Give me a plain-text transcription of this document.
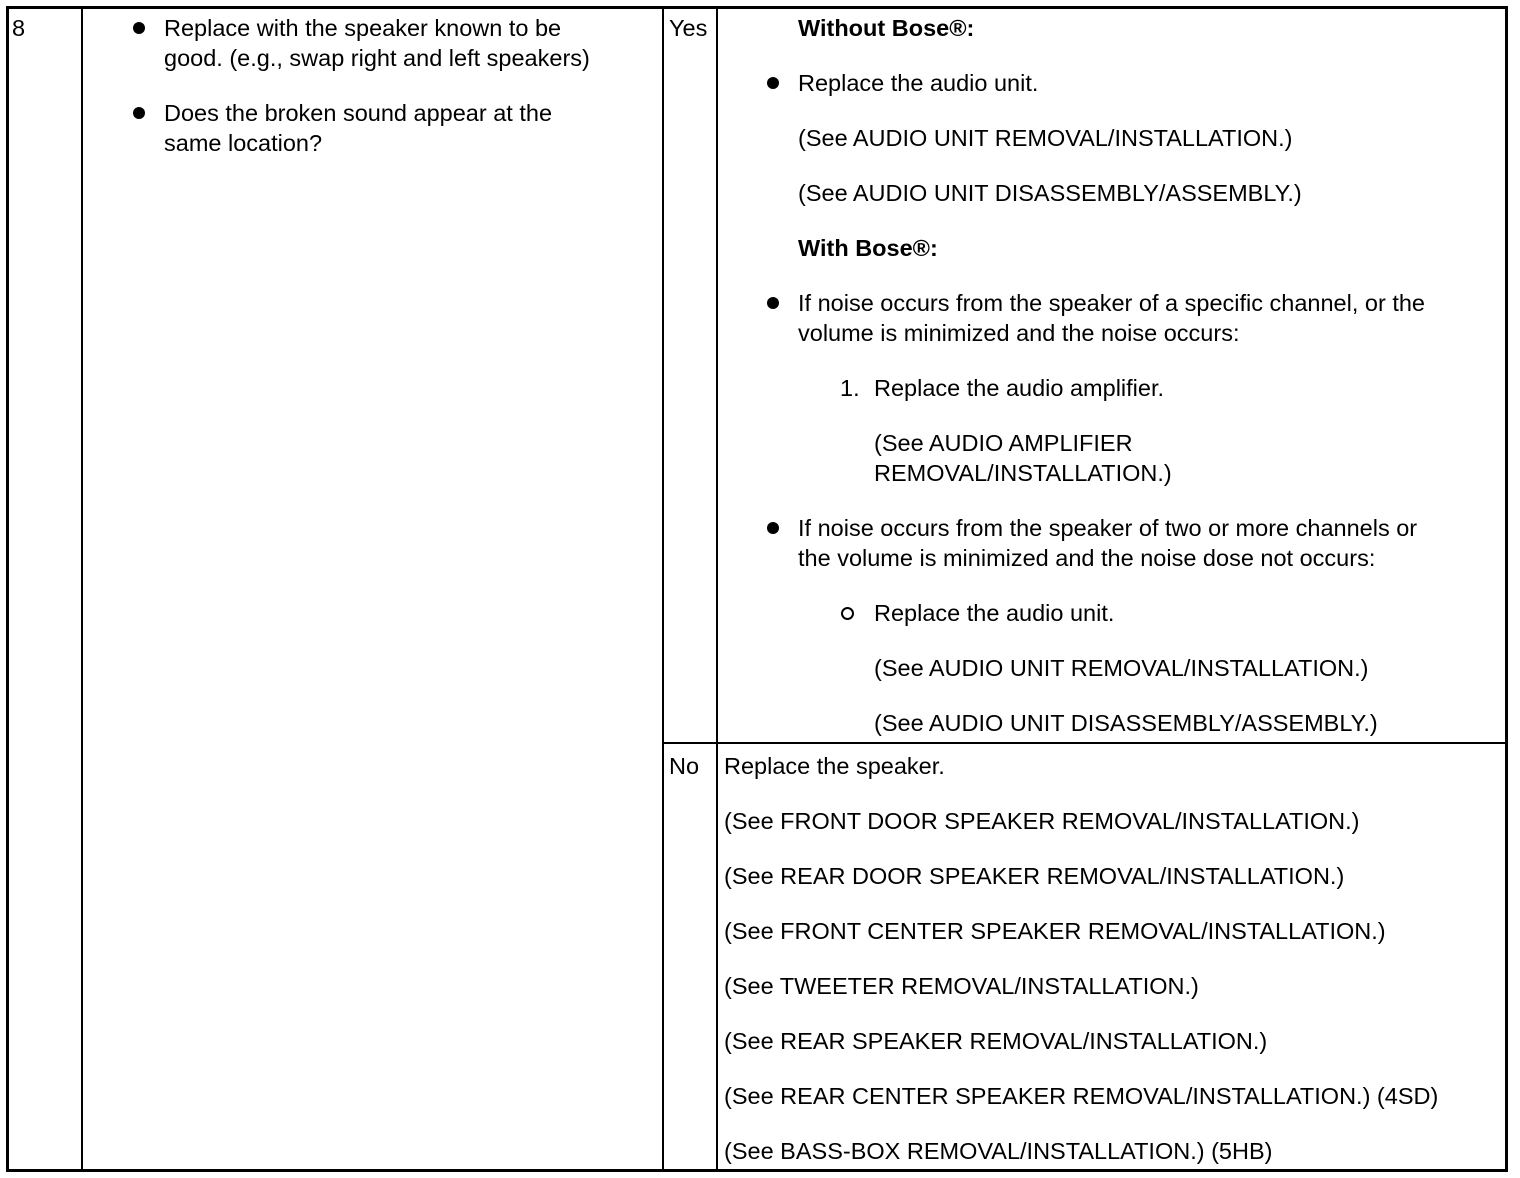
8	Replace with the speaker known to be
good. (e.g., swap right and left speakers)
Does the broken sound appear at the
same location?
Yes	Without Bose®:
Replace the audio unit.
(See AUDIO UNIT REMOVAL/INSTALLATION.)
(See AUDIO UNIT DISASSEMBLY/ASSEMBLY.)
With Bose®:
If noise occurs from the speaker of a specific channel, or the
volume is minimized and the noise occurs:
1. Replace the audio amplifier.
(See AUDIO AMPLIFIER
REMOVAL/INSTALLATION.)
If noise occurs from the speaker of two or more channels or
the volume is minimized and the noise dose not occurs:
Replace the audio unit.
(See AUDIO UNIT REMOVAL/INSTALLATION.)
(See AUDIO UNIT DISASSEMBLY/ASSEMBLY.)
No Replace the speaker.
(See FRONT DOOR SPEAKER REMOVAL/INSTALLATION.)
(See REAR DOOR SPEAKER REMOVAL/INSTALLATION.)
(See FRONT CENTER SPEAKER REMOVAL/INSTALLATION.)
(See TWEETER REMOVAL/INSTALLATION.)
(See REAR SPEAKER REMOVAL/INSTALLATION.)
(See REAR CENTER SPEAKER REMOVAL/INSTALLATION.) (4SD)
(See BASS-BOX REMOVAL/INSTALLATION.) (5HB)
